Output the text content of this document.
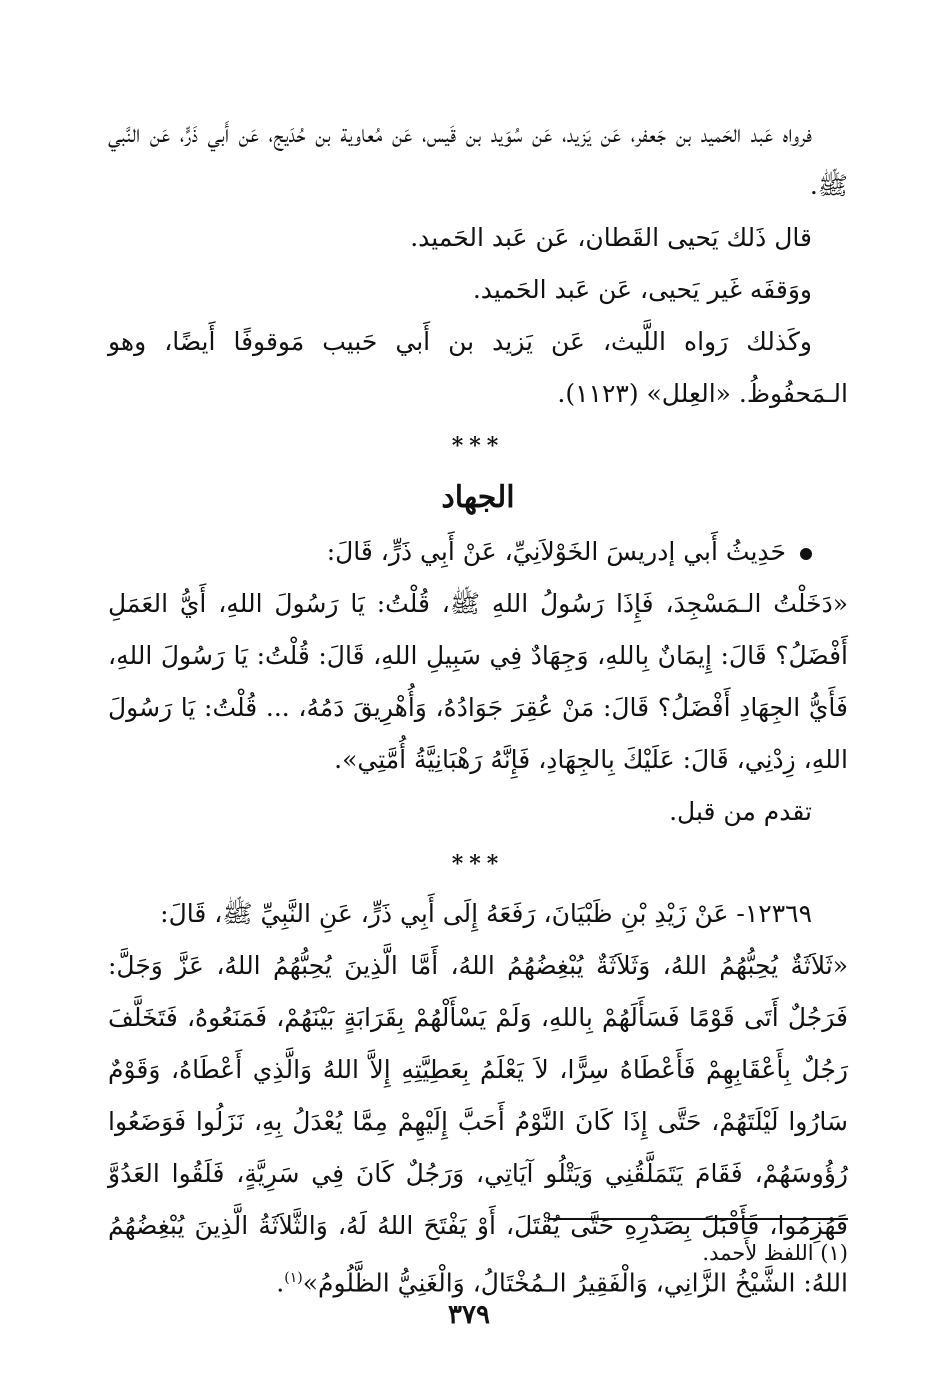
فرواه عَبد الحَميد بن جَعفر، عَن يَزيد، عَن سُوَيد بن قَيس، عَن مُعاوية بن حُدَيج، عَن أَبي ذَرٍّ، عَن النَّبي ﷺ.

قال ذَلك يَحيى القَطان، عَن عَبد الحَميد.

ووَقفَه غَير يَحيى، عَن عَبد الحَميد.

وكَذلك رَواه اللَّيث، عَن يَزيد بن أَبي حَبيب مَوقوفًا أَيضًا، وهو الـمَحفُوظُ. «العِلل» (١١٢٣).

***
الجهاد

حَدِيثُ أَبي إدريسَ الخَوْلاَنِيِّ، عَنْ أَبِي ذَرٍّ، قَالَ:

«دَخَلْتُ الـمَسْجِدَ، فَإِذَا رَسُولُ اللهِ ﷺ، قُلْتُ: يَا رَسُولَ اللهِ، أَيُّ العَمَلِ أَفْضَلُ؟ قَالَ: إِيمَانٌ بِاللهِ، وَجِهَادٌ فِي سَبِيلِ اللهِ، قَالَ: قُلْتُ: يَا رَسُولَ اللهِ، فَأَيُّ الجِهَادِ أَفْضَلُ؟ قَالَ: مَنْ عُقِرَ جَوَادُهُ، وَأُهْرِيقَ دَمُهُ، ... قُلْتُ: يَا رَسُولَ اللهِ، زِدْنِي، قَالَ: عَلَيْكَ بِالجِهَادِ، فَإِنَّهُ رَهْبَانِيَّةُ أُمَّتِي».

تقدم من قبل.

***

١٢٣٦٩- عَنْ زَيْدِ بْنِ ظَبْيَانَ، رَفَعَهُ إِلَى أَبِي ذَرٍّ، عَنِ النَّبِيِّ ﷺ، قَالَ:

«ثَلاَثَةٌ يُحِبُّهُمُ اللهُ، وَثَلاَثَةٌ يُبْغِضُهُمُ اللهُ، أَمَّا الَّذِينَ يُحِبُّهُمُ اللهُ، عَزَّ وَجَلَّ: فَرَجُلٌ أَتَى قَوْمًا فَسَأَلَهُمْ بِاللهِ، وَلَمْ يَسْأَلْهُمْ بِقَرَابَةٍ بَيْنَهُمْ، فَمَنَعُوهُ، فَتَخَلَّفَ رَجُلٌ بِأَعْقَابِهِمْ فَأَعْطَاهُ سِرًّا، لاَ يَعْلَمُ بِعَطِيَّتِهِ إِلاَّ اللهُ وَالَّذِي أَعْطَاهُ، وَقَوْمٌ سَارُوا لَيْلَتَهُمْ، حَتَّى إِذَا كَانَ النَّوْمُ أَحَبَّ إِلَيْهِمْ مِمَّا يُعْدَلُ بِهِ، نَزَلُوا فَوَضَعُوا رُؤُوسَهُمْ، فَقَامَ يَتَمَلَّقُنِي وَيَتْلُو آيَاتِي، وَرَجُلٌ كَانَ فِي سَرِيَّةٍ، فَلَقُوا العَدُوَّ فَهُزِمُوا، فَأَقْبَلَ بِصَدْرِهِ حَتَّى يُقْتَلَ، أَوْ يَفْتَحَ اللهُ لَهُ، وَالثَّلاَثَةُ الَّذِينَ يُبْغِضُهُمُ اللهُ: الشَّيْخُ الزَّانِي، وَالْفَقِيرُ الـمُخْتَالُ، وَالْغَنِيُّ الظَّلُومُ»$^{(١)}$.

(١) اللفظ لأَحمد.

٣٧٩
